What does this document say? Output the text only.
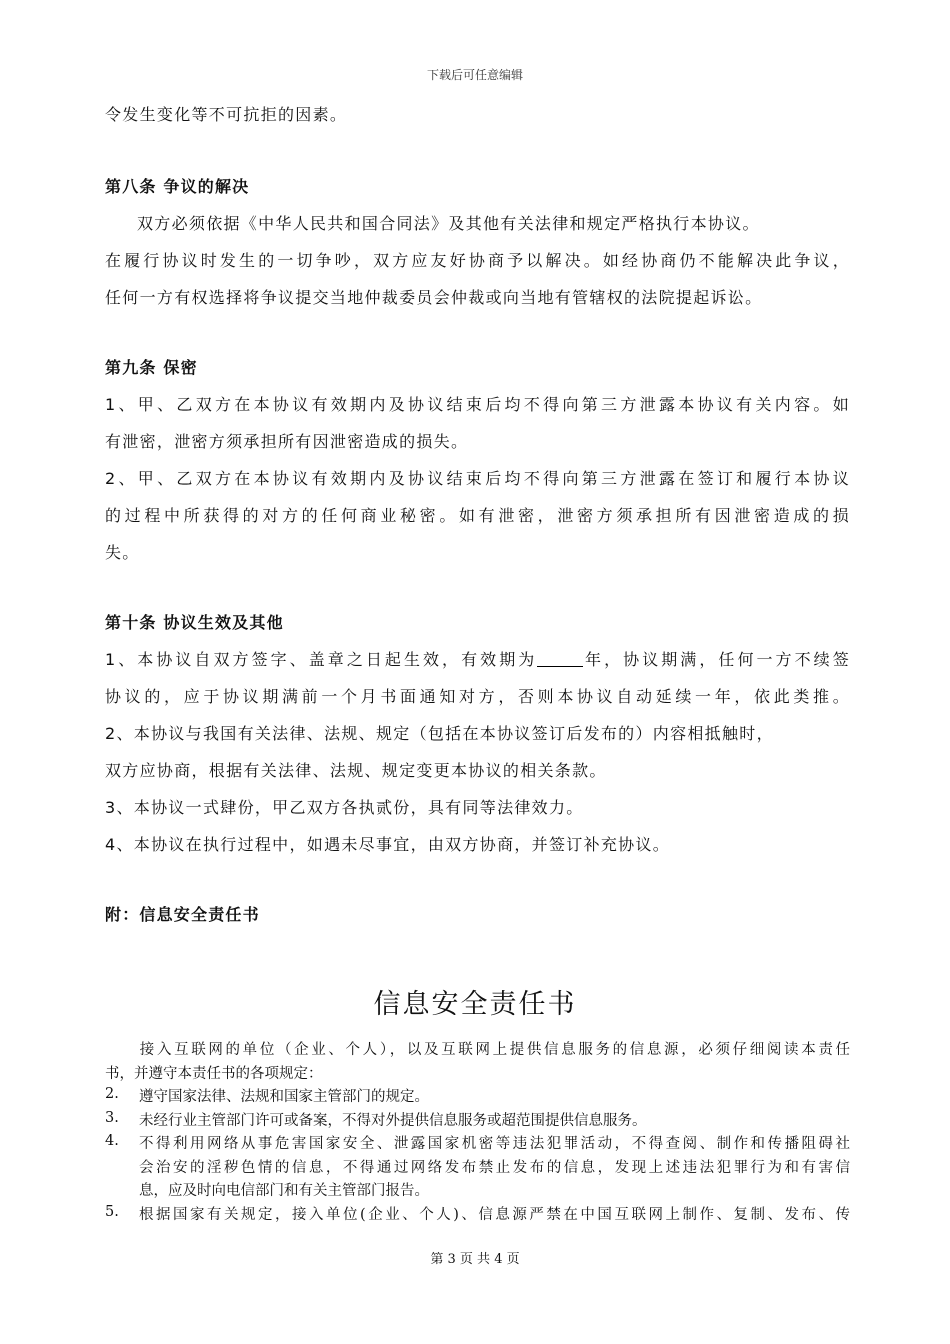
下载后可任意编辑

令发生变化等不可抗拒的因素。

第八条 争议的解决

双方必须依据《中华人民共和国合同法》及其他有关法律和规定严格执行本协议。

在履行协议时发生的一切争吵，双方应友好协商予以解决。如经协商仍不能解决此争议，

任何一方有权选择将争议提交当地仲裁委员会仲裁或向当地有管辖权的法院提起诉讼。

第九条 保密

1、甲、乙双方在本协议有效期内及协议结束后均不得向第三方泄露本协议有关内容。如

有泄密，泄密方须承担所有因泄密造成的损失。

2、甲、乙双方在本协议有效期内及协议结束后均不得向第三方泄露在签订和履行本协议

的过程中所获得的对方的任何商业秘密。如有泄密，泄密方须承担所有因泄密造成的损

失。

第十条 协议生效及其他

1、本协议自双方签字、盖章之日起生效，有效期为	年，协议期满，任何一方不续签

协议的，应于协议期满前一个月书面通知对方，否则本协议自动延续一年，依此类推。

2、本协议与我国有关法律、法规、规定（包括在本协议签订后发布的）内容相抵触时，

双方应协商，根据有关法律、法规、规定变更本协议的相关条款。

3、本协议一式肆份，甲乙双方各执贰份，具有同等法律效力。

4、本协议在执行过程中，如遇未尽事宜，由双方协商，并签订补充协议。

附：信息安全责任书

信息安全责任书

接入互联网的单位（企业、个人），以及互联网上提供信息服务的信息源，必须仔细阅读本责任

书，并遵守本责任书的各项规定：

2.	遵守国家法律、法规和国家主管部门的规定。

3.	未经行业主管部门许可或备案，不得对外提供信息服务或超范围提供信息服务。

4.	不得利用网络从事危害国家安全、泄露国家机密等违法犯罪活动，不得查阅、制作和传播阻碍社

会治安的淫秽色情的信息，不得通过网络发布禁止发布的信息，发现上述违法犯罪行为和有害信

息，应及时向电信部门和有关主管部门报告。

5.	根据国家有关规定，接入单位(企业、个人)、信息源严禁在中国互联网上制作、复制、发布、传

第 3 页 共 4 页
